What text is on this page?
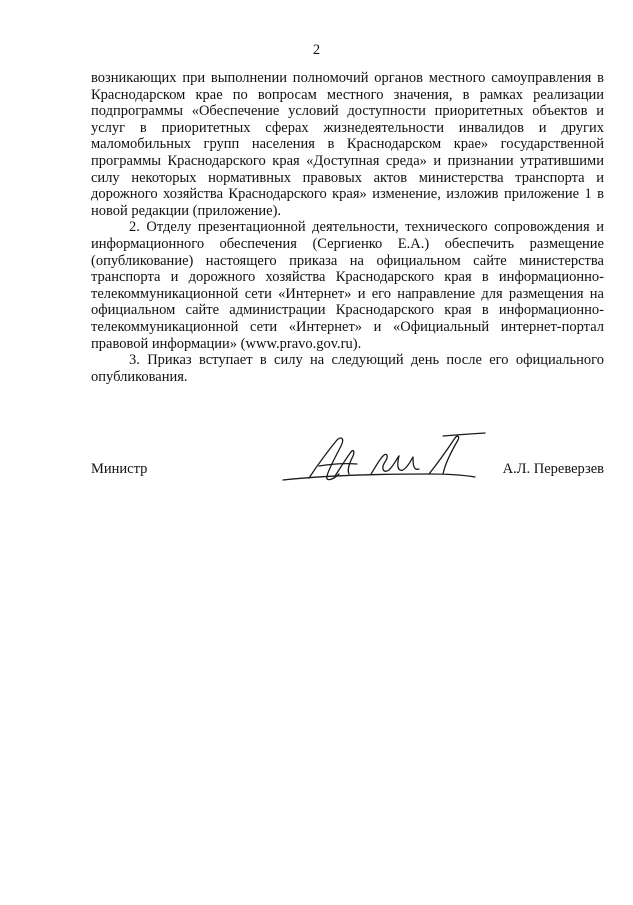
2

возникающих при выполнении полномочий органов местного самоуправления в Краснодарском крае по вопросам местного значения, в рамках реализации подпрограммы «Обеспечение условий доступности приоритетных объектов и услуг в приоритетных сферах жизнедеятельности инвалидов и других маломобильных групп населения в Краснодарском крае» государственной программы Краснодарского края «Доступная среда» и признании утратившими силу некоторых нормативных правовых актов министерства транспорта и дорожного хозяйства Краснодарского края» изменение, изложив приложение 1 в новой редакции (приложение).

2. Отделу презентационной деятельности, технического сопровождения и информационного обеспечения (Сергиенко Е.А.) обеспечить размещение (опубликование) настоящего приказа на официальном сайте министерства транспорта и дорожного хозяйства Краснодарского края в информационно-телекоммуникационной сети «Интернет» и его направление для размещения на официальном сайте администрации Краснодарского края в информационно-телекоммуникационной сети «Интернет» и «Официальный интернет-портал правовой информации» (www.pravo.gov.ru).

3. Приказ вступает в силу на следующий день после его официального опубликования.

Министр	А.Л. Переверзев
